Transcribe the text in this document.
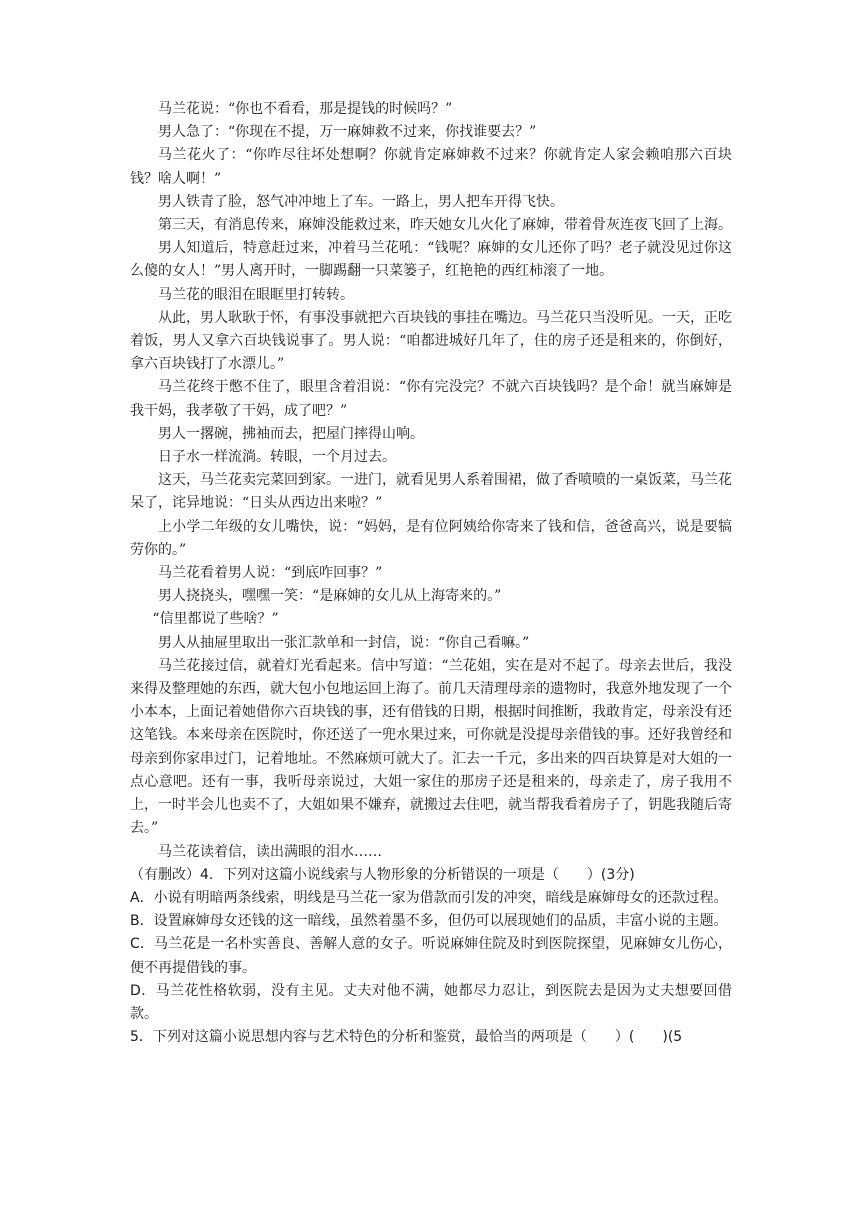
马兰花说：“你也不看看，那是提钱的时候吗？”

男人急了：“你现在不提，万一麻婶救不过来，你找谁要去？”

马兰花火了：“你咋尽往坏处想啊？你就肯定麻婶救不过来？你就肯定人家会赖咱那六百块钱？啥人啊！”

男人铁青了脸，怒气冲冲地上了车。一路上，男人把车开得飞快。

第三天，有消息传来，麻婶没能救过来，昨天她女儿火化了麻婶，带着骨灰连夜飞回了上海。

男人知道后，特意赶过来，冲着马兰花吼：“钱呢？麻婶的女儿还你了吗？老子就没见过你这么傻的女人！”男人离开时，一脚踢翻一只菜篓子，红艳艳的西红柿滚了一地。

马兰花的眼泪在眼眶里打转转。

从此，男人耿耿于怀，有事没事就把六百块钱的事挂在嘴边。马兰花只当没听见。一天，正吃着饭，男人又拿六百块钱说事了。男人说：“咱都进城好几年了，住的房子还是租来的，你倒好，拿六百块钱打了水漂儿。”

马兰花终于憋不住了，眼里含着泪说：“你有完没完？不就六百块钱吗？是个命！就当麻婶是我干妈，我孝敬了干妈，成了吧？”

男人一撂碗，拂袖而去，把屋门摔得山响。

日子水一样流淌。转眼，一个月过去。

这天，马兰花卖完菜回到家。一进门，就看见男人系着围裙，做了香喷喷的一桌饭菜，马兰花呆了，诧异地说：“日头从西边出来啦？”

上小学二年级的女儿嘴快，说：“妈妈，是有位阿姨给你寄来了钱和信，爸爸高兴，说是要犒劳你的。”

马兰花看着男人说：“到底咋回事？”

男人挠挠头，嘿嘿一笑：“是麻婶的女儿从上海寄来的。”

“信里都说了些啥？”

男人从抽屉里取出一张汇款单和一封信，说：“你自己看嘛。”

马兰花接过信，就着灯光看起来。信中写道：“兰花姐，实在是对不起了。母亲去世后，我没来得及整理她的东西，就大包小包地运回上海了。前几天清理母亲的遗物时，我意外地发现了一个小本本，上面记着她借你六百块钱的事，还有借钱的日期，根据时间推断，我敢肯定，母亲没有还这笔钱。本来母亲在医院时，你还送了一兜水果过来，可你就是没提母亲借钱的事。还好我曾经和母亲到你家串过门，记着地址。不然麻烦可就大了。汇去一千元，多出来的四百块算是对大姐的一点心意吧。还有一事，我听母亲说过，大姐一家住的那房子还是租来的，母亲走了，房子我用不上，一时半会儿也卖不了，大姐如果不嫌弃，就搬过去住吧，就当帮我看着房子了，钥匙我随后寄去。”

马兰花读着信，读出满眼的泪水……

（有删改）4．下列对这篇小说线索与人物形象的分析错误的一项是（　　）(3分)

A．小说有明暗两条线索，明线是马兰花一家为借款而引发的冲突，暗线是麻婶母女的还款过程。

B．设置麻婶母女还钱的这一暗线，虽然着墨不多，但仍可以展现她们的品质，丰富小说的主题。

C．马兰花是一名朴实善良、善解人意的女子。听说麻婶住院及时到医院探望，见麻婶女儿伤心，便不再提借钱的事。

D．马兰花性格软弱，没有主见。丈夫对他不满，她都尽力忍让，到医院去是因为丈夫想要回借款。

5．下列对这篇小说思想内容与艺术特色的分析和鉴赏，最恰当的两项是（　　）(　　)(5
